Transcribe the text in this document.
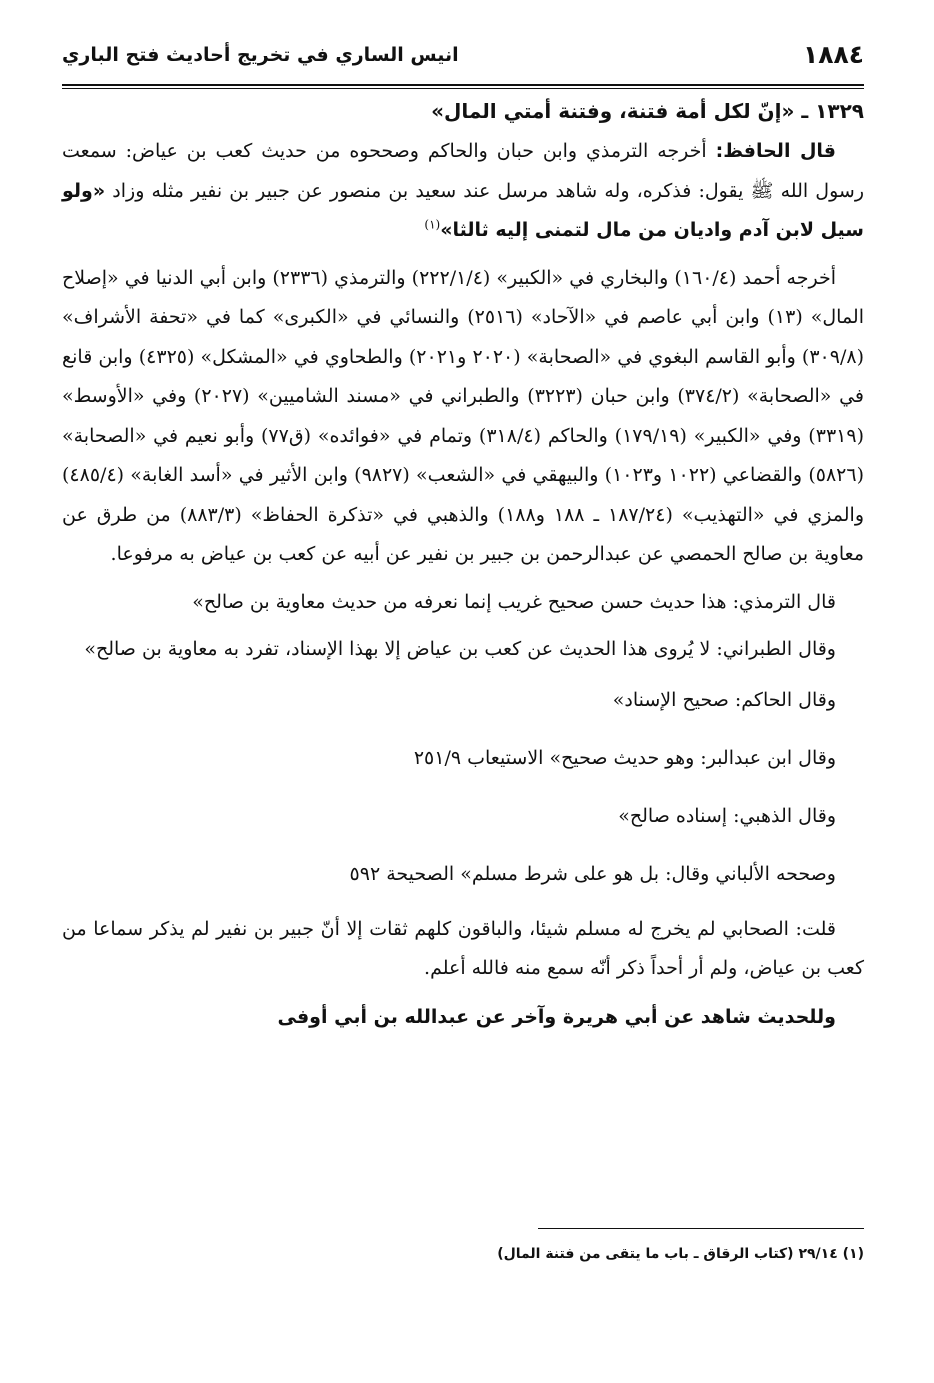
١٨٨٤
انيس الساري في تخريج أحاديث فتح الباري
١٣٢٩ ـ «إنّ لكل أمة فتنة، وفتنة أمتي المال»

قال الحافظ: أخرجه الترمذي وابن حبان والحاكم وصححوه من حديث كعب بن عياض: سمعت رسول الله ﷺ يقول: فذكره، وله شاهد مرسل عند سعيد بن منصور عن جبير بن نفير مثله وزاد «ولو سيل لابن آدم واديان من مال لتمنى إليه ثالثا»$^{(١)}$

أخرجه أحمد (١٦٠/٤) والبخاري في «الكبير» (٢٢٢/١/٤) والترمذي (٢٣٣٦) وابن أبي الدنيا في «إصلاح المال» (١٣) وابن أبي عاصم في «الآحاد» (٢٥١٦) والنسائي في «الكبرى» كما في «تحفة الأشراف» (٣٠٩/٨) وأبو القاسم البغوي في «الصحابة» (٢٠٢٠ و٢٠٢١) والطحاوي في «المشكل» (٤٣٢٥) وابن قانع في «الصحابة» (٣٧٤/٢) وابن حبان (٣٢٢٣) والطبراني في «مسند الشاميين» (٢٠٢٧) وفي «الأوسط» (٣٣١٩) وفي «الكبير» (١٧٩/١٩) والحاكم (٣١٨/٤) وتمام في «فوائده» (ق٧٧) وأبو نعيم في «الصحابة» (٥٨٢٦) والقضاعي (١٠٢٢ و١٠٢٣) والبيهقي في «الشعب» (٩٨٢٧) وابن الأثير في «أسد الغابة» (٤٨٥/٤) والمزي في «التهذيب» (١٨٧/٢٤ ـ ١٨٨ و١٨٨) والذهبي في «تذكرة الحفاظ» (٨٨٣/٣) من طرق عن معاوية بن صالح الحمصي عن عبدالرحمن بن جبير بن نفير عن أبيه عن كعب بن عياض به مرفوعا.

قال الترمذي: هذا حديث حسن صحيح غريب إنما نعرفه من حديث معاوية بن صالح»

وقال الطبراني: لا يُروى هذا الحديث عن كعب بن عياض إلا بهذا الإسناد، تفرد به معاوية بن صالح»

وقال الحاكم: صحيح الإسناد»

وقال ابن عبدالبر: وهو حديث صحيح» الاستيعاب ٢٥١/٩

وقال الذهبي: إسناده صالح»

وصححه الألباني وقال: بل هو على شرط مسلم» الصحيحة ٥٩٢

قلت: الصحابي لم يخرج له مسلم شيئا، والباقون كلهم ثقات إلا أنّ جبير بن نفير لم يذكر سماعا من كعب بن عياض، ولم أر أحداً ذكر أنّه سمع منه فالله أعلم.

وللحديث شاهد عن أبي هريرة وآخر عن عبدالله بن أبي أوفى

(١) ٢٩/١٤ (كتاب الرقاق ـ باب ما يتقى من فتنة المال)
